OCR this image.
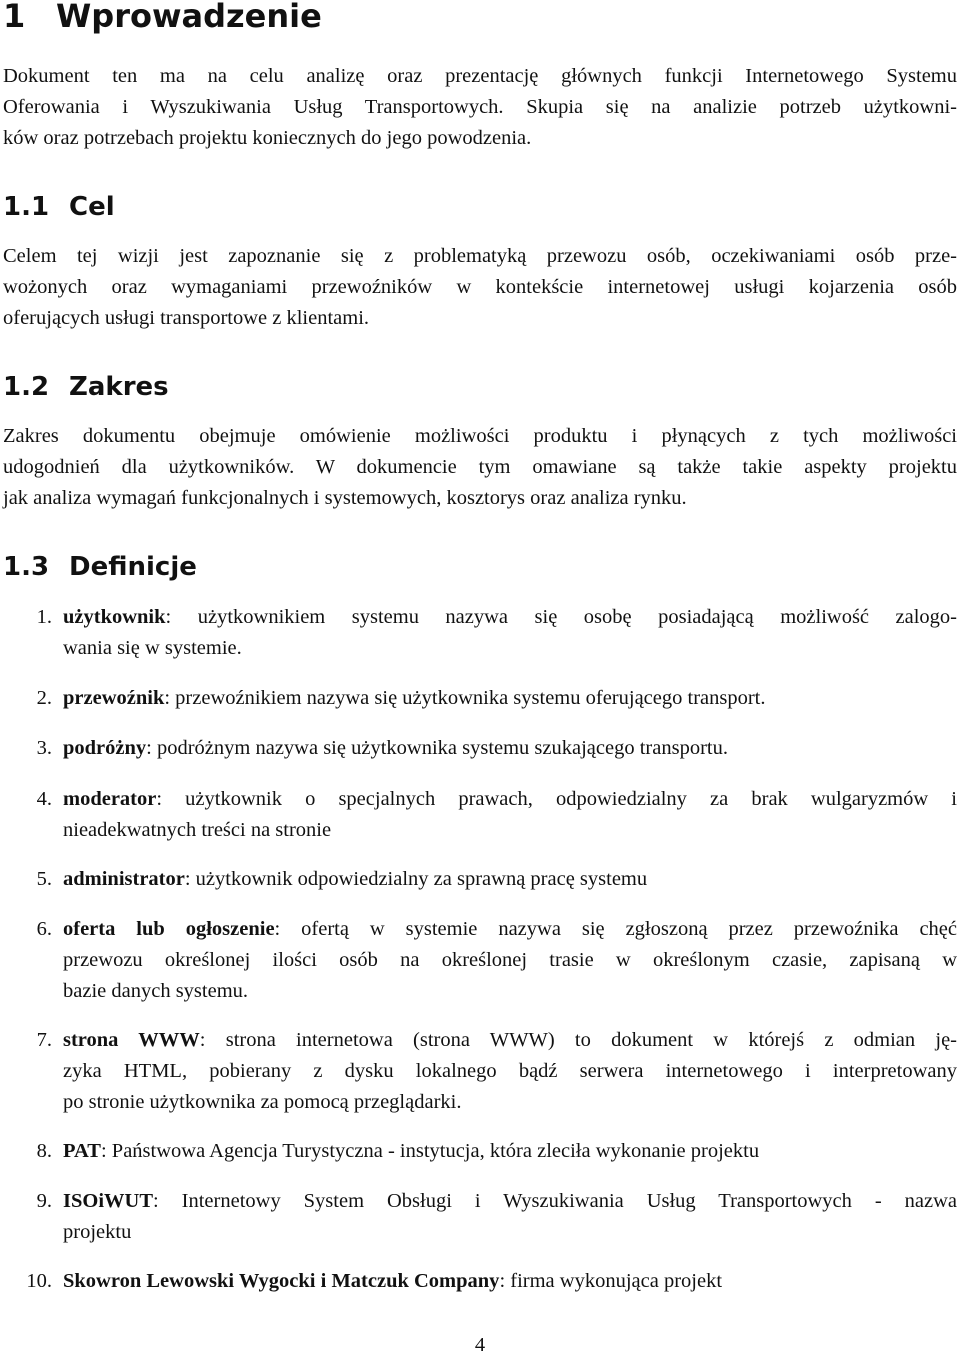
1 Wprowadzenie

Dokument ten ma na celu analizę oraz prezentację głównych funkcji Internetowego Systemu
Oferowania i Wyszukiwania Usług Transportowych. Skupia się na analizie potrzeb użytkowni-
ków oraz potrzebach projektu koniecznych do jego powodzenia.

1.1 Cel

Celem tej wizji jest zapoznanie się z problematyką przewozu osób, oczekiwaniami osób prze-
wożonych oraz wymaganiami przewoźników w kontekście internetowej usługi kojarzenia osób
oferujących usługi transportowe z klientami.

1.2 Zakres

Zakres dokumentu obejmuje omówienie możliwości produktu i płynących z tych możliwości
udogodnień dla użytkowników. W dokumencie tym omawiane są także takie aspekty projektu
jak analiza wymagań funkcjonalnych i systemowych, kosztorys oraz analiza rynku.

1.3 Definicje
1. użytkownik: użytkownikiem systemu nazywa się osobę posiadającą możliwość zalogo-
wania się w systemie.
2. przewoźnik: przewoźnikiem nazywa się użytkownika systemu oferującego transport.
3. podróżny: podróżnym nazywa się użytkownika systemu szukającego transportu.
4. moderator: użytkownik o specjalnych prawach, odpowiedzialny za brak wulgaryzmów i
nieadekwatnych treści na stronie
5. administrator: użytkownik odpowiedzialny za sprawną pracę systemu
6. oferta lub ogłoszenie: ofertą w systemie nazywa się zgłoszoną przez przewoźnika chęć
przewozu określonej ilości osób na określonej trasie w określonym czasie, zapisaną w
bazie danych systemu.
7. strona WWW: strona internetowa (strona WWW) to dokument w którejś z odmian ję-
zyka HTML, pobierany z dysku lokalnego bądź serwera internetowego i interpretowany
po stronie użytkownika za pomocą przeglądarki.
8. PAT: Państwowa Agencja Turystyczna - instytucja, która zleciła wykonanie projektu
9. ISOiWUT: Internetowy System Obsługi i Wyszukiwania Usług Transportowych - nazwa
projektu
10. Skowron Lewowski Wygocki i Matczuk Company: firma wykonująca projekt
4
